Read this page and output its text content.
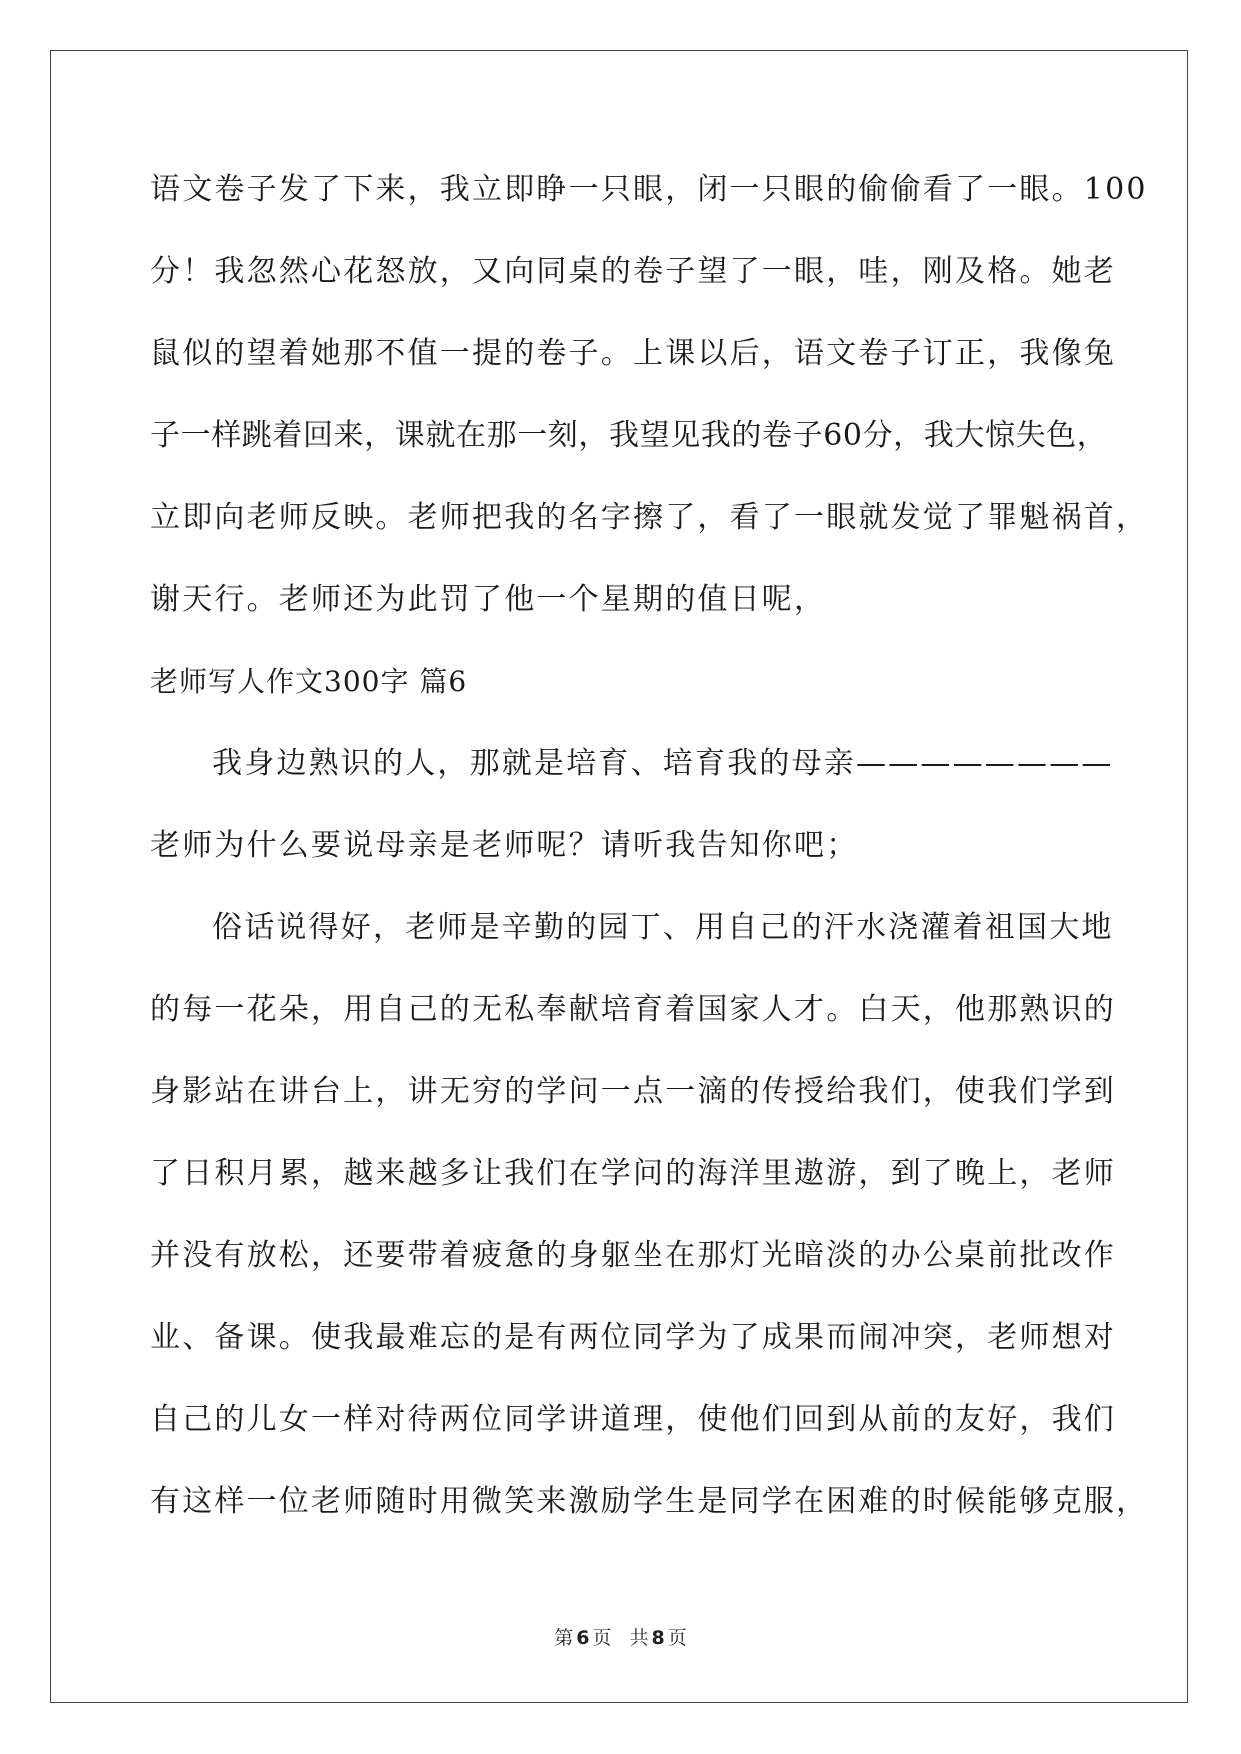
语文卷子发了下来，我立即睁一只眼，闭一只眼的偷偷看了一眼。100
分！我忽然心花怒放，又向同桌的卷子望了一眼，哇，刚及格。她老
鼠似的望着她那不值一提的卷子。上课以后，语文卷子订正，我像兔
子一样跳着回来，课就在那一刻，我望见我的卷子60分，我大惊失色，
立即向老师反映。老师把我的名字擦了，看了一眼就发觉了罪魁祸首，
谢天行。老师还为此罚了他一个星期的值日呢，
老师写人作文300字 篇6
我身边熟识的人，那就是培育、培育我的母亲————————
老师为什么要说母亲是老师呢？请听我告知你吧；
俗话说得好，老师是辛勤的园丁、用自己的汗水浇灌着祖国大地
的每一花朵，用自己的无私奉献培育着国家人才。白天，他那熟识的
身影站在讲台上，讲无穷的学问一点一滴的传授给我们，使我们学到
了日积月累，越来越多让我们在学问的海洋里遨游，到了晚上，老师
并没有放松，还要带着疲惫的身躯坐在那灯光暗淡的办公桌前批改作
业、备课。使我最难忘的是有两位同学为了成果而闹冲突，老师想对
自己的儿女一样对待两位同学讲道理，使他们回到从前的友好，我们
有这样一位老师随时用微笑来激励学生是同学在困难的时候能够克服，
第 6 页 共 8 页
